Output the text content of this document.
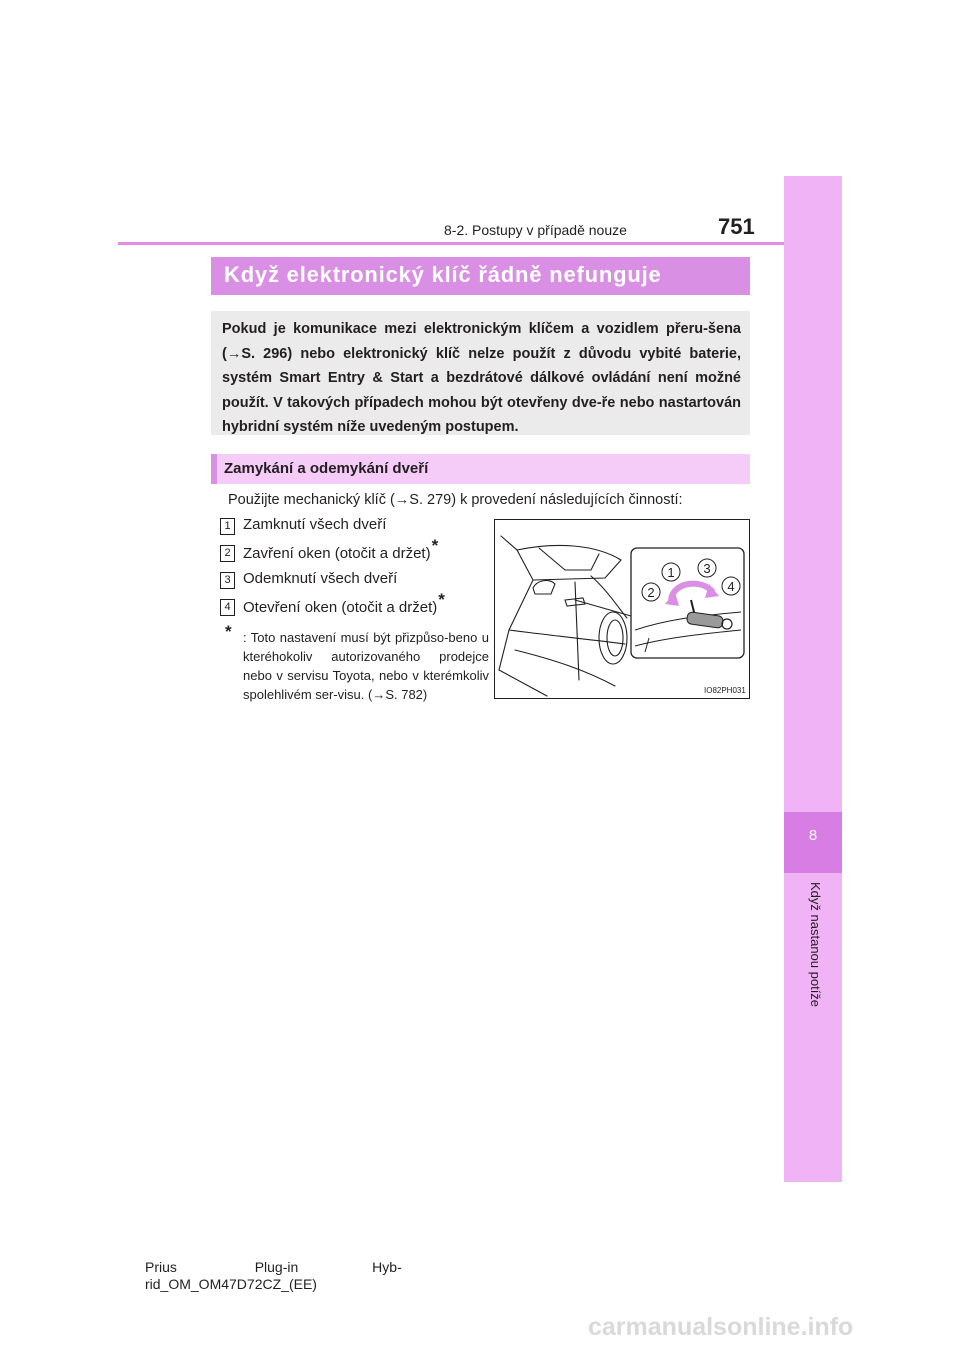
8
Když nastanou potíže
8-2. Postupy v případě nouze	751
Když elektronický klíč řádně nefunguje
Pokud je komunikace mezi elektronickým klíčem a vozidlem přeru-šena (→S. 296) nebo elektronický klíč nelze použít z důvodu vybité baterie, systém Smart Entry & Start a bezdrátové dálkové ovládání není možné použít. V takových případech mohou být otevřeny dve-ře nebo nastartován hybridní systém níže uvedeným postupem.
Zamykání a odemykání dveří
Použijte mechanický klíč (→S. 279) k provedení následujících činností:
1 Zamknutí všech dveří
2 Zavření oken (otočit a držet)*
3 Odemknutí všech dveří
4 Otevření oken (otočit a držet)*
* : Toto nastavení musí být přizpůso-beno u kteréhokoliv autorizovaného prodejce nebo v servisu Toyota, nebo v kterémkoliv spolehlivém ser-visu. (→S. 782)
1
2
3
4
IO82PH031
Prius                    Plug-in                   Hyb-
rid_OM_OM47D72CZ_(EE)
carmanualsonline.info
